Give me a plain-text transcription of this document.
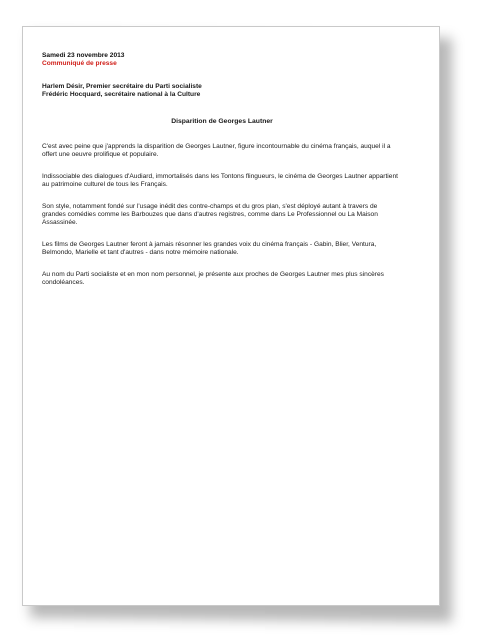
Samedi 23 novembre 2013
Communiqué de presse
Harlem Désir, Premier secrétaire du Parti socialiste
Frédéric Hocquard, secrétaire national à la Culture
Disparition de Georges Lautner
C'est avec peine que j'apprends la disparition de Georges Lautner, figure incontournable du cinéma français, auquel il a offert une oeuvre prolifique et populaire.
Indissociable des dialogues d'Audiard, immortalisés dans les Tontons flingueurs, le cinéma de Georges Lautner appartient au patrimoine culturel de tous les Français.
Son style, notamment fondé sur l'usage inédit des contre-champs et du gros plan, s'est déployé autant à travers de grandes comédies comme les Barbouzes que dans d'autres registres, comme dans Le Professionnel ou La Maison Assassinée.
Les films de Georges Lautner feront à jamais résonner les grandes voix du cinéma français - Gabin, Blier, Ventura, Belmondo, Marielle et tant d'autres - dans notre mémoire nationale.
Au nom du Parti socialiste et en mon nom personnel, je présente aux proches de Georges Lautner mes plus sincères condoléances.
